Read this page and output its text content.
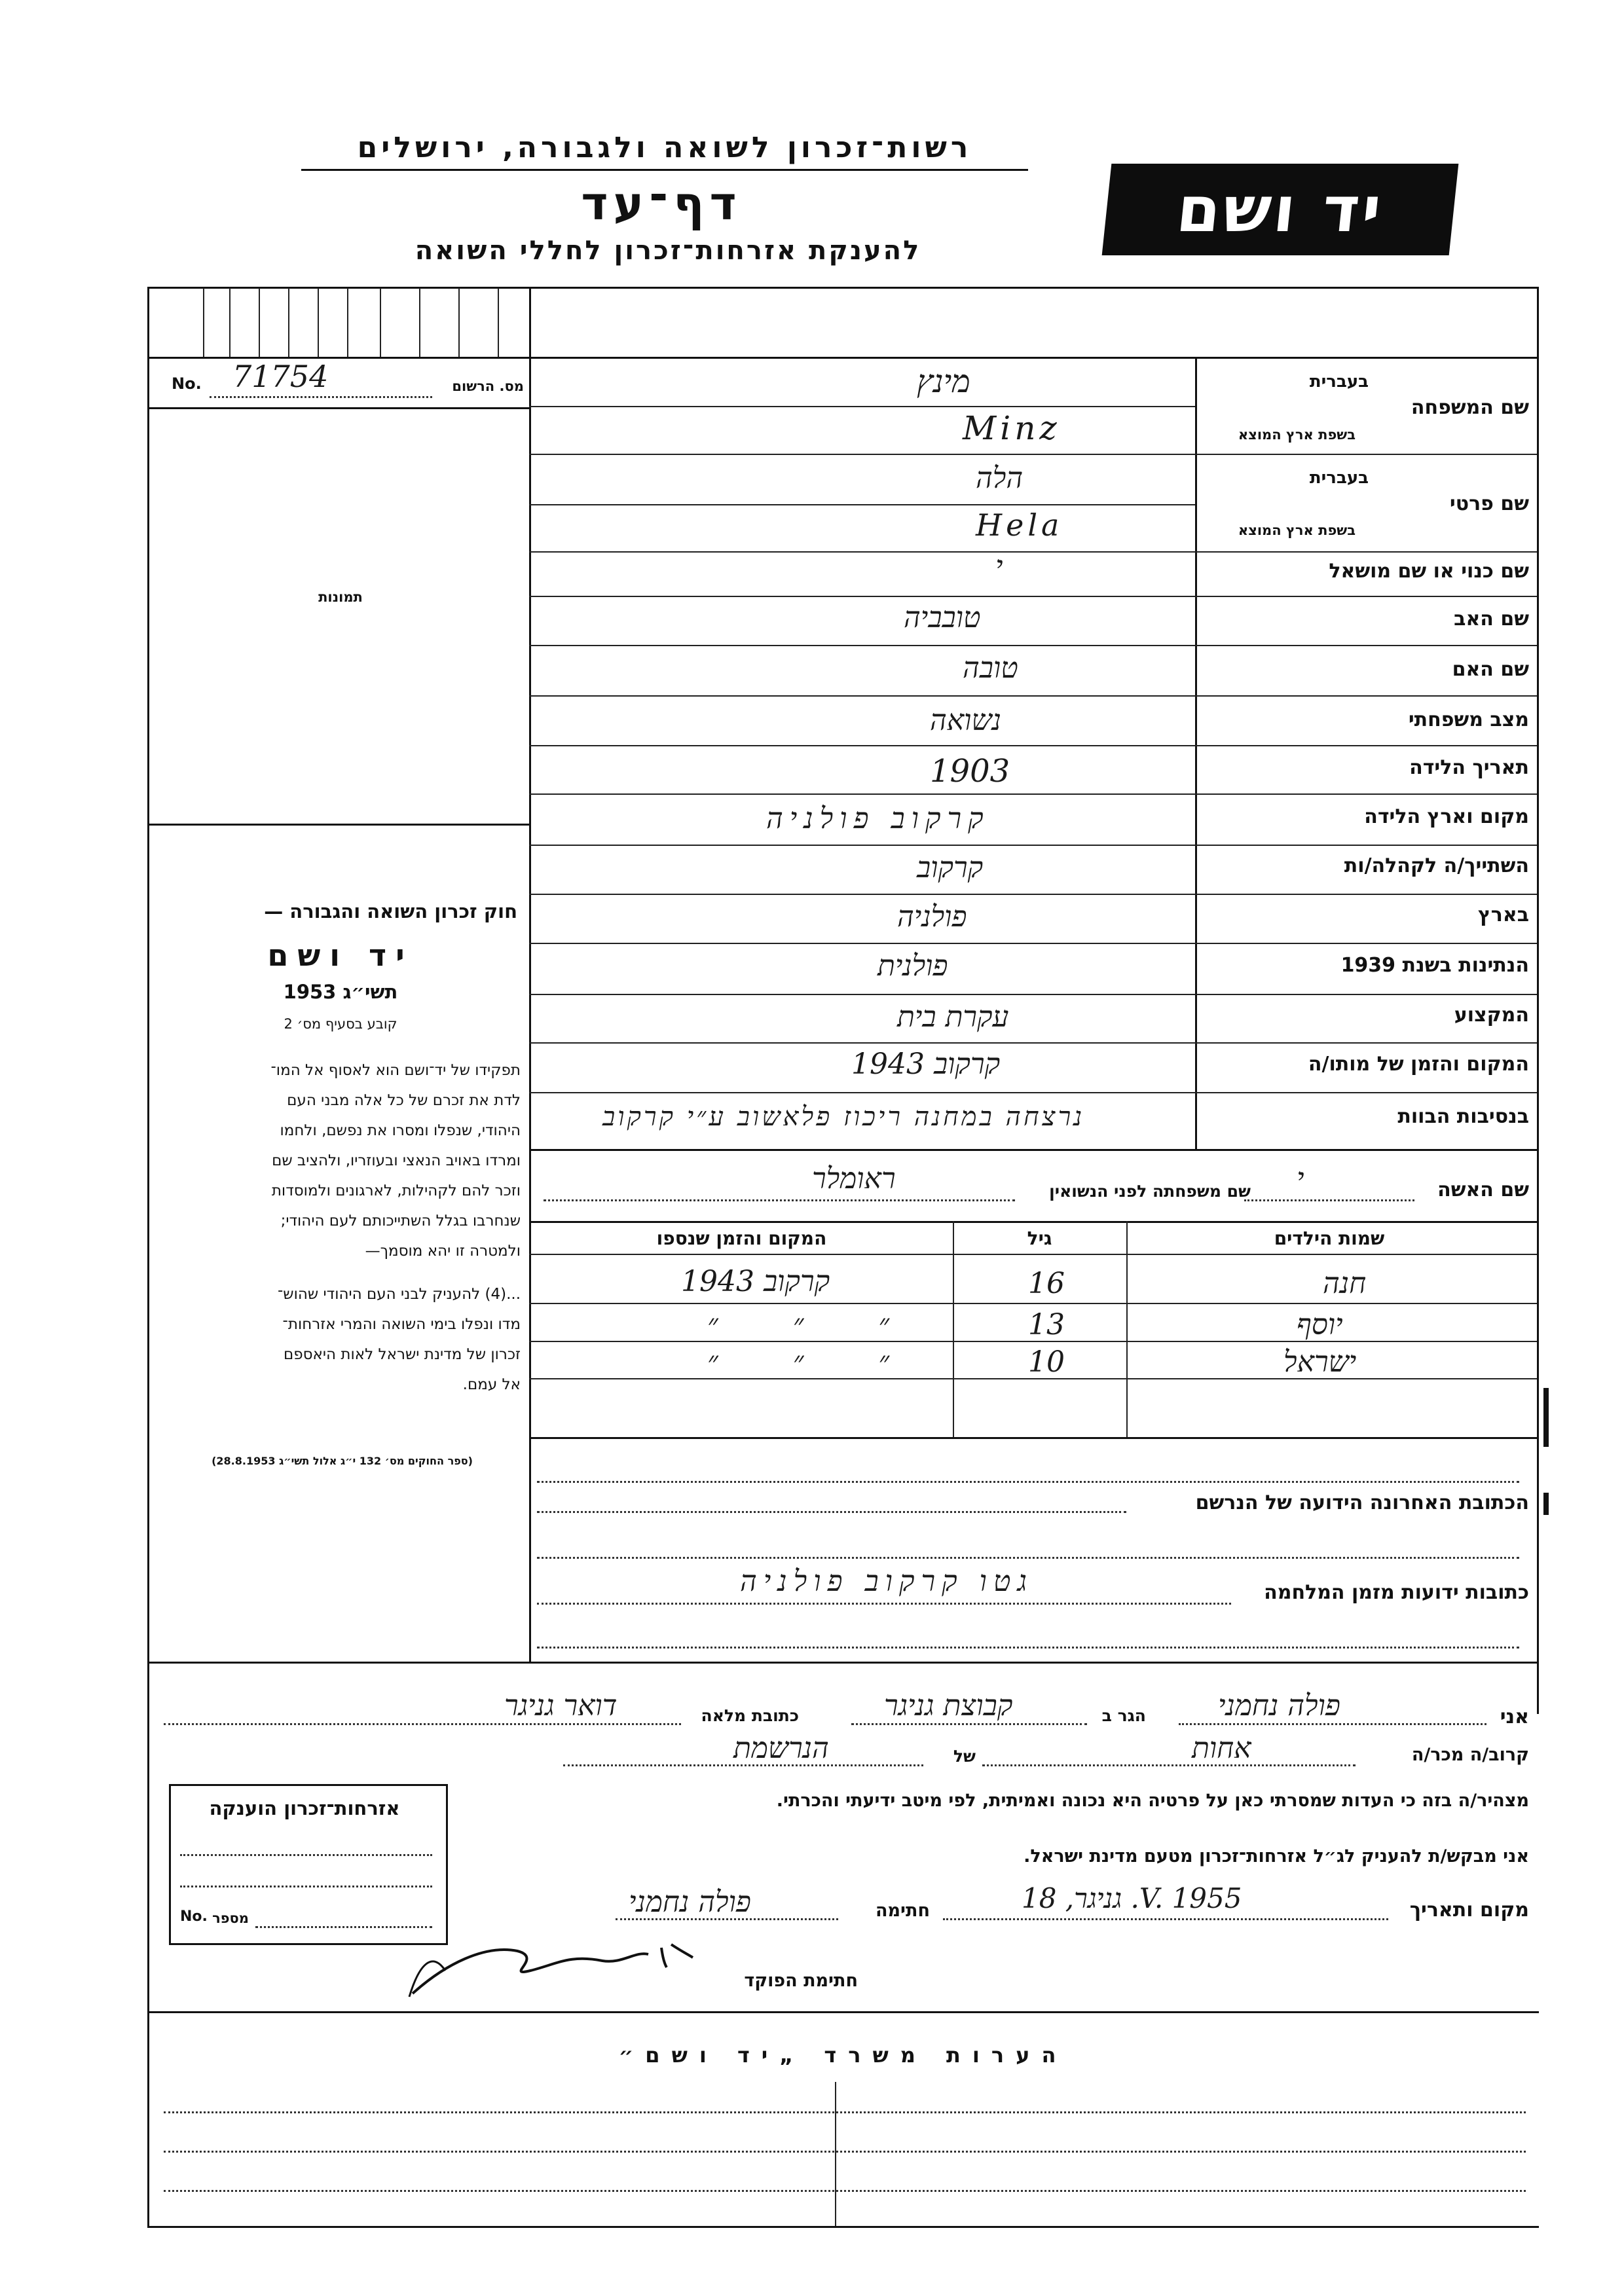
רשות־זכרון לשואה ולגבורה, ירושלים
דף־עד
להענקת אזרחות־זכרון לחללי השואה
יד ושם
No. 71754	מס. הרשום
תמונות
חוק זכרון השואה והגבורה —
יד ושם
תשי״ג 1953
קובע בסעיף מס׳ 2
תפקידו של יד־ושם הוא לאסוף אל המו־
לדת את זכרם של כל אלה מבני העם
היהודי, שנפלו ומסרו את נפשם, ולחמו
ומרדו באויב הנאצי ובעוזריו, ולהציב שם
וזכר להם לקהילות, לארגונים ולמוסדות
שנחרבו בגלל השתייכותם לעם היהודי;
ולמטרה זו יהא מוסמך—
...(4) להעניק לבני העם היהודי שהוש־
מדו ונפלו בימי השואה והמרי אזרחות־
זכרון של מדינת ישראל לאות היאספם
אל עמם.
(ספר החוקים מס׳ 132 י״ג אלול תשי״ג 28.8.1953)
שם המשפחה
בעברית
בשפת ארץ המוצא
מינץ
Minz
שם פרטי
בעברית
בשפת ארץ המוצא
הלה
Hela
שם כנוי או שם מושאל
י
שם האב
טובביה
שם האם
טובה
מצב משפחתי
נשואה
תאריך הלידה
1903
מקום וארץ הלידה
קרקוב פולניה
השתייך/ה לקהלה/ות
קרקוב
בארץ
פולניה
הנתינות בשנת 1939
פולנית
המקצוע
עקרת בית
המקום והזמן של מותו/ה
קרקוב 1943
בנסיבות הבוות
נרצחה במחנה ריכוז פלאשוב ע״י קרקוב
שם האשה
י
שם משפחתה לפני הנשואין
ראומלר
שמות הילדים
גיל
המקום והזמן שנספו
חנה
16
קרקוב 1943
יוסף
13
״ ״ ״
ישראל
10
״ ״ ״
הכתובת האחרונה הידועה של הנרשם
כתובות ידועות מזמן המלחמה
גטו קרקוב פולניה
אני
פולה נחמני
הגר ב
קבוצת גניגר
כתובת מלאה
דואר גניגר
קרוב/ה מכר/ה
אחות
של
הנרשמת
מצהיר/ה בזה כי העדות שמסרתי כאן על פרטיה היא נכונה ואמיתית, לפי מיטב ידיעתי והכרתי.
אני מבקש/ת להעניק לג״ל אזרחות־זכרון מטעם מדינת ישראל.
מקום ותאריך
גניגר, 18 .V. 1955
חתימה
פולה נחמני
חתימת הפוקד
אזרחות־זכרון הוענקה
No. מספר
הערות משרד „יד ושם״
